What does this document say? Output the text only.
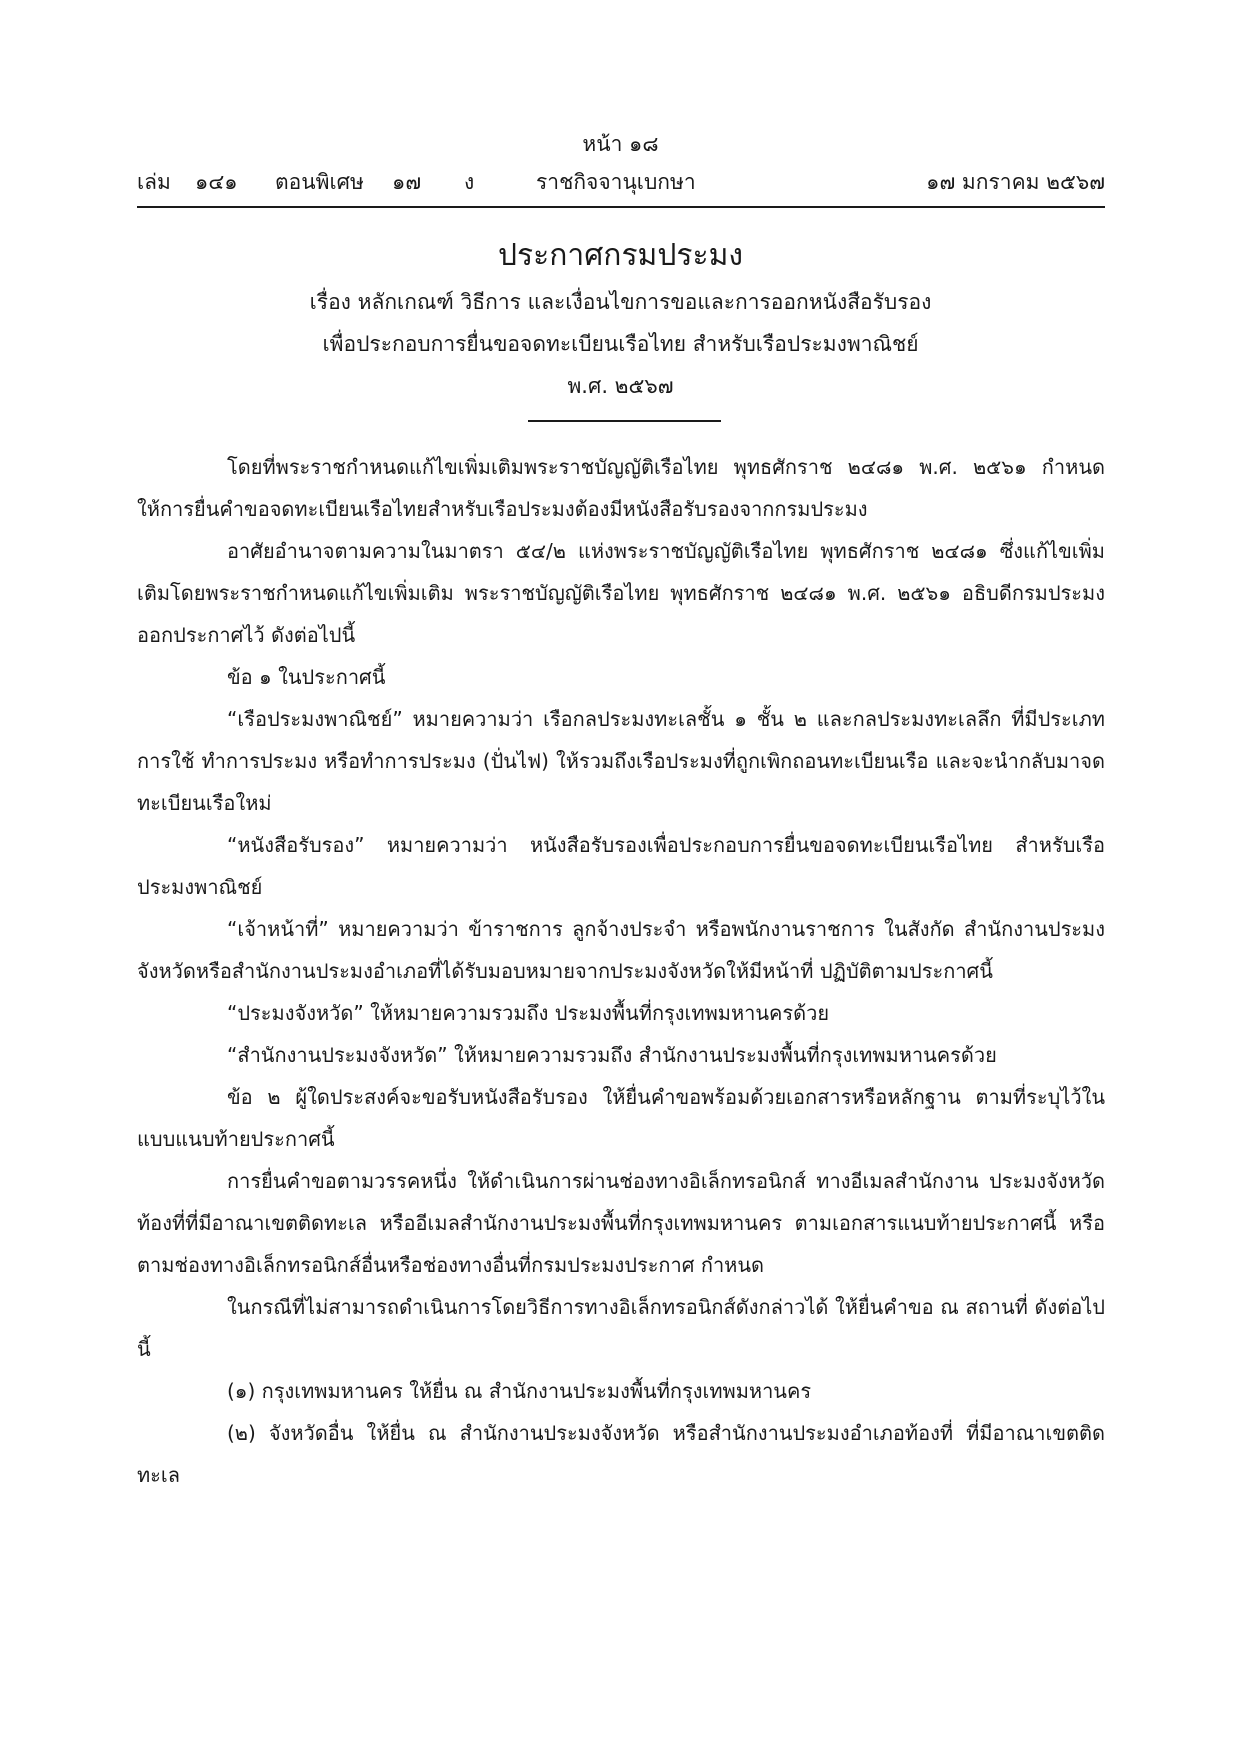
หน้า ๑๘
เล่ม ๑๔๑ ตอนพิเศษ ๑๗ ง	ราชกิจจานุเบกษา	๑๗ มกราคม ๒๕๖๗
ประกาศกรมประมง
เรื่อง หลักเกณฑ์ วิธีการ และเงื่อนไขการขอและการออกหนังสือรับรอง
เพื่อประกอบการยื่นขอจดทะเบียนเรือไทย สำหรับเรือประมงพาณิชย์
พ.ศ. ๒๕๖๗

โดยที่พระราชกำหนดแก้ไขเพิ่มเติมพระราชบัญญัติเรือไทย พุทธศักราช ๒๔๘๑ พ.ศ. ๒๕๖๑ กำหนดให้การยื่นคำขอจดทะเบียนเรือไทยสำหรับเรือประมงต้องมีหนังสือรับรองจากกรมประมง

อาศัยอำนาจตามความในมาตรา ๕๔/๒ แห่งพระราชบัญญัติเรือไทย พุทธศักราช ๒๔๘๑ ซึ่งแก้ไขเพิ่มเติมโดยพระราชกำหนดแก้ไขเพิ่มเติม พระราชบัญญัติเรือไทย พุทธศักราช ๒๔๘๑ พ.ศ. ๒๕๖๑ อธิบดีกรมประมง ออกประกาศไว้ ดังต่อไปนี้

ข้อ ๑ ในประกาศนี้

“เรือประมงพาณิชย์” หมายความว่า เรือกลประมงทะเลชั้น ๑ ชั้น ๒ และกลประมงทะเลลึก ที่มีประเภทการใช้ ทำการประมง หรือทำการประมง (ปั่นไฟ) ให้รวมถึงเรือประมงที่ถูกเพิกถอนทะเบียนเรือ และจะนำกลับมาจดทะเบียนเรือใหม่

“หนังสือรับรอง” หมายความว่า หนังสือรับรองเพื่อประกอบการยื่นขอจดทะเบียนเรือไทย สำหรับเรือประมงพาณิชย์

“เจ้าหน้าที่” หมายความว่า ข้าราชการ ลูกจ้างประจำ หรือพนักงานราชการ ในสังกัด สำนักงานประมงจังหวัดหรือสำนักงานประมงอำเภอที่ได้รับมอบหมายจากประมงจังหวัดให้มีหน้าที่ ปฏิบัติตามประกาศนี้

“ประมงจังหวัด” ให้หมายความรวมถึง ประมงพื้นที่กรุงเทพมหานครด้วย

“สำนักงานประมงจังหวัด” ให้หมายความรวมถึง สำนักงานประมงพื้นที่กรุงเทพมหานครด้วย

ข้อ ๒ ผู้ใดประสงค์จะขอรับหนังสือรับรอง ให้ยื่นคำขอพร้อมด้วยเอกสารหรือหลักฐาน ตามที่ระบุไว้ในแบบแนบท้ายประกาศนี้

การยื่นคำขอตามวรรคหนึ่ง ให้ดำเนินการผ่านช่องทางอิเล็กทรอนิกส์ ทางอีเมลสำนักงาน ประมงจังหวัดท้องที่ที่มีอาณาเขตติดทะเล หรืออีเมลสำนักงานประมงพื้นที่กรุงเทพมหานคร ตามเอกสารแนบท้ายประกาศนี้ หรือตามช่องทางอิเล็กทรอนิกส์อื่นหรือช่องทางอื่นที่กรมประมงประกาศ กำหนด

ในกรณีที่ไม่สามารถดำเนินการโดยวิธีการทางอิเล็กทรอนิกส์ดังกล่าวได้ ให้ยื่นคำขอ ณ สถานที่ ดังต่อไปนี้

(๑) กรุงเทพมหานคร ให้ยื่น ณ สำนักงานประมงพื้นที่กรุงเทพมหานคร

(๒) จังหวัดอื่น ให้ยื่น ณ สำนักงานประมงจังหวัด หรือสำนักงานประมงอำเภอท้องที่ ที่มีอาณาเขตติดทะเล
